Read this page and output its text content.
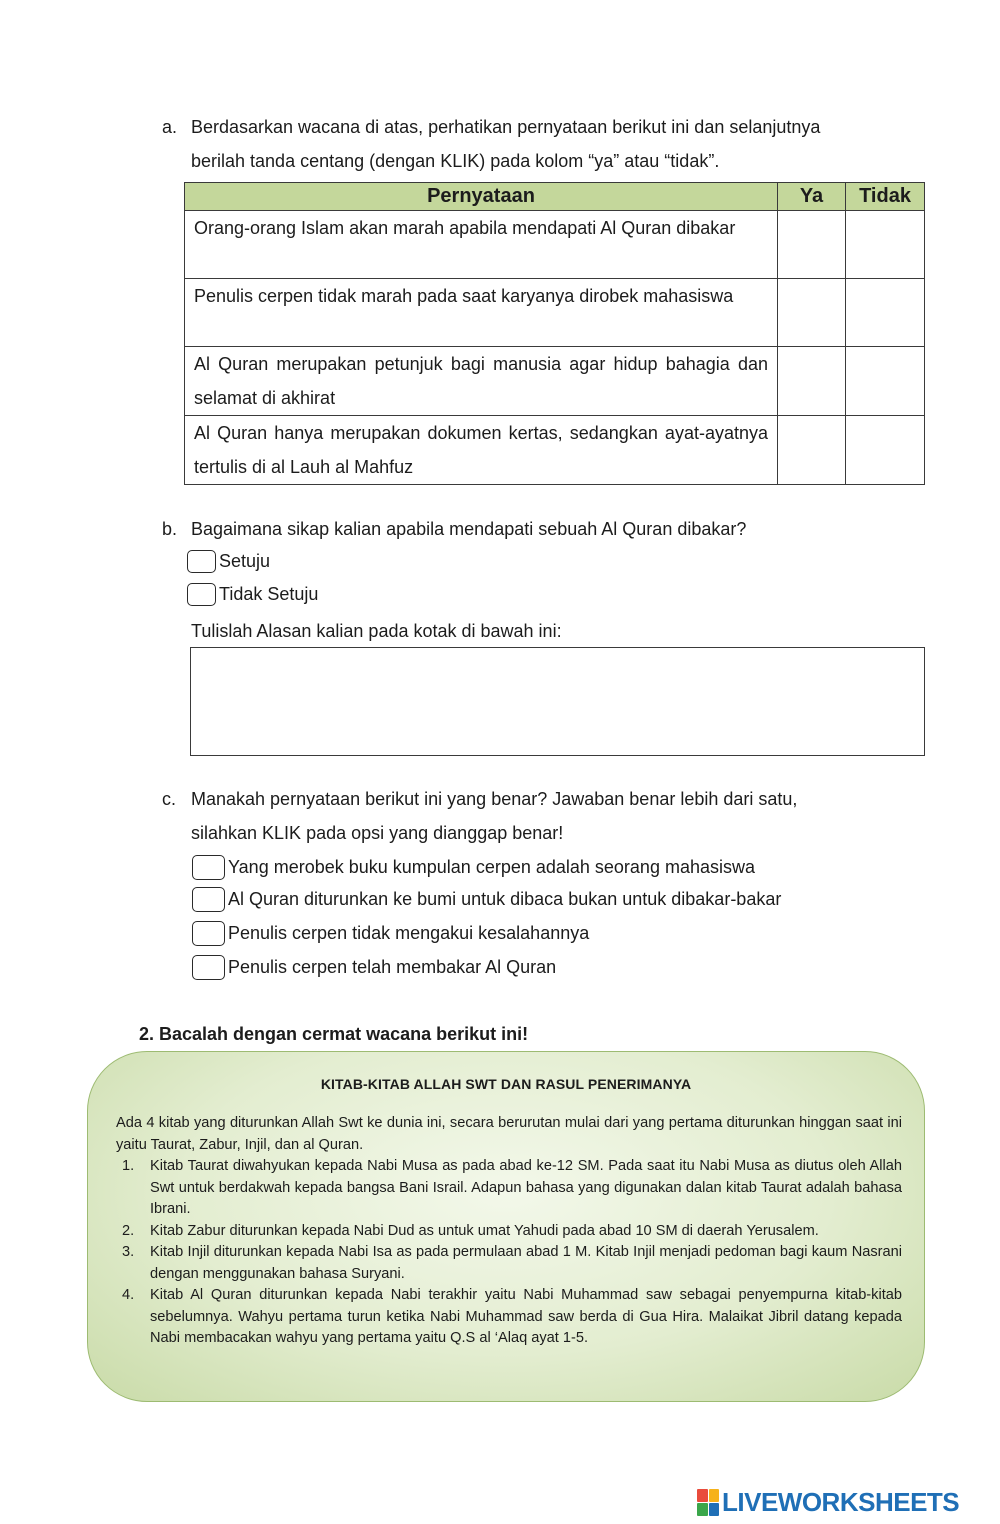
a. Berdasarkan wacana di atas, perhatikan pernyataan berikut ini dan selanjutnya
berilah tanda centang (dengan KLIK) pada kolom “ya” atau “tidak”.
Pernyataan	Ya	Tidak
Orang-orang Islam akan marah apabila mendapati Al Quran dibakar		
Penulis cerpen tidak marah pada saat karyanya dirobek mahasiswa		
Al Quran merupakan petunjuk bagi manusia agar hidup bahagia dan selamat di akhirat		
Al Quran hanya merupakan dokumen kertas, sedangkan ayat-ayatnya tertulis di al Lauh al Mahfuz		
b. Bagaimana sikap kalian apabila mendapati sebuah Al Quran dibakar?
Setuju
Tidak Setuju
Tulislah Alasan kalian pada kotak di bawah ini:
c. Manakah pernyataan berikut ini yang benar? Jawaban benar lebih dari satu,
silahkan KLIK pada opsi yang dianggap benar!
Yang merobek buku kumpulan cerpen adalah seorang mahasiswa
Al Quran diturunkan ke bumi untuk dibaca bukan untuk dibakar-bakar
Penulis cerpen tidak mengakui kesalahannya
Penulis cerpen telah membakar Al Quran
2. Bacalah dengan cermat wacana berikut ini!
KITAB-KITAB ALLAH SWT DAN RASUL PENERIMANYA

Ada 4 kitab yang diturunkan Allah Swt ke dunia ini, secara berurutan mulai dari yang pertama diturunkan hinggan saat ini yaitu Taurat, Zabur, Injil, dan al Quran.

1. Kitab Taurat diwahyukan kepada Nabi Musa as pada abad ke-12 SM. Pada saat itu Nabi Musa as diutus oleh Allah Swt untuk berdakwah kepada bangsa Bani Israil. Adapun bahasa yang digunakan dalan kitab Taurat adalah bahasa Ibrani.
2. Kitab Zabur diturunkan kepada Nabi Dud as untuk umat Yahudi pada abad 10 SM di daerah Yerusalem.
3. Kitab Injil diturunkan kepada Nabi Isa as pada permulaan abad 1 M. Kitab Injil menjadi pedoman bagi kaum Nasrani dengan menggunakan bahasa Suryani.
4. Kitab Al Quran diturunkan kepada Nabi terakhir yaitu Nabi Muhammad saw sebagai penyempurna kitab-kitab sebelumnya. Wahyu pertama turun ketika Nabi Muhammad saw berda di Gua Hira. Malaikat Jibril datang kepada Nabi membacakan wahyu yang pertama yaitu Q.S al ‘Alaq ayat 1-5.
LIVEWORKSHEETS
